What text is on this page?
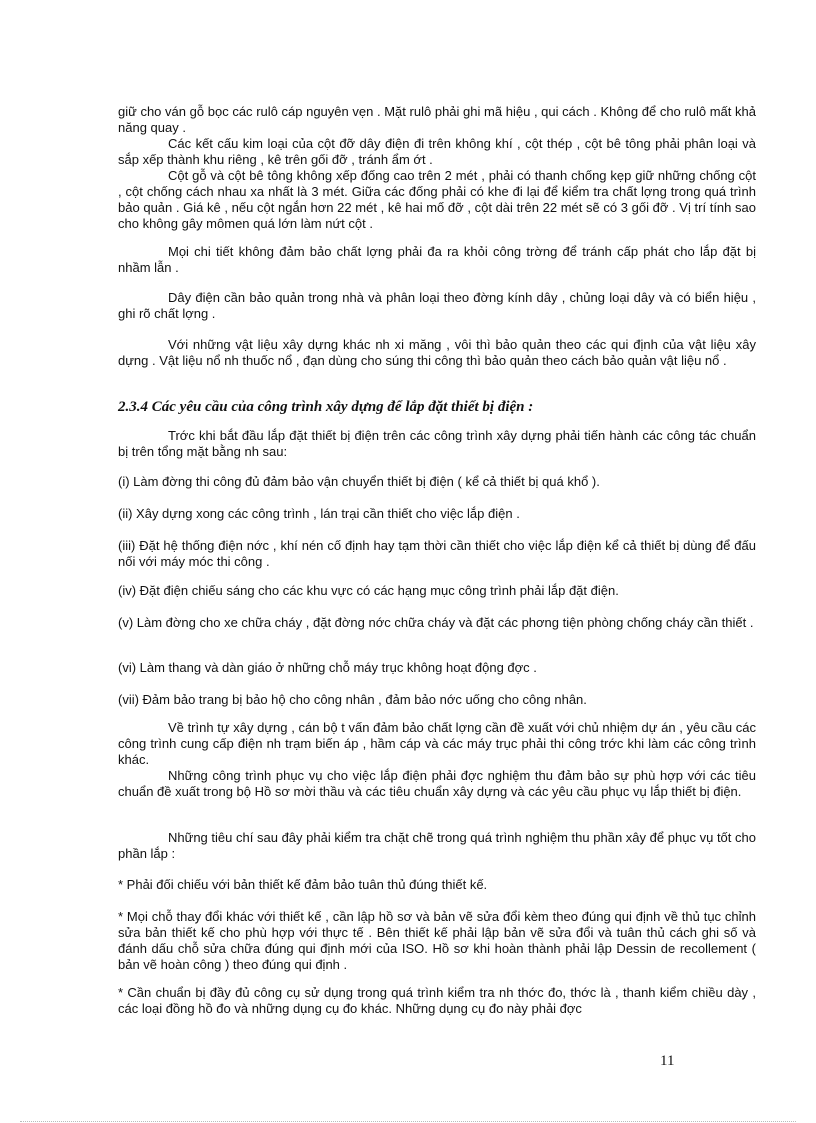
giữ cho ván gỗ bọc các rulô cáp nguyên vẹn . Mặt rulô phải ghi mã hiệu , qui cách . Không để cho rulô mất khả năng quay .

Các kết cấu kim loại của cột đỡ dây điện đi trên không khí , cột thép , cột bê tông phải phân loại và sắp xếp thành khu riêng , kê trên gối đỡ , tránh ẩm ớt .

Cột gỗ và cột bê tông không xếp đống cao trên 2 mét , phải có thanh chống kẹp giữ những chống cột , cột chống cách nhau xa nhất là 3 mét. Giữa các đống phải có khe đi lại để kiểm tra chất lợng trong quá trình bảo quản . Giá kê , nếu cột ngắn hơn 22 mét , kê hai mố đỡ , cột dài trên 22 mét sẽ có 3 gối đỡ . Vị trí tính sao cho không gây mômen quá lớn làm nứt cột .

Mọi chi tiết không đảm bảo chất lợng phải đa ra khỏi công trờng để tránh cấp phát cho lắp đặt bị nhầm lẫn .

Dây điện cần bảo quản trong nhà và phân loại theo đờng kính dây , chủng loại dây và có biển hiệu , ghi rõ chất lợng .

Với những vật liệu xây dựng khác nh xi măng , vôi thì bảo quản theo các qui định của vật liệu xây dựng . Vật liệu nổ nh thuốc nổ , đạn dùng cho súng thi công thì bảo quản theo cách bảo quản vật liệu nổ .

2.3.4 Các yêu cầu của công trình xây dựng để lắp đặt thiết bị điện :

Trớc khi bắt đầu lắp đặt thiết bị điện trên các công trình xây dựng phải tiến hành các công tác chuẩn bị trên tổng mặt bằng nh sau:

(i) Làm đờng thi công đủ đảm bảo vận chuyển thiết bị điện ( kể cả thiết bị quá khổ ).

(ii) Xây dựng xong các công trình , lán trại cần thiết cho việc lắp điện .

(iii) Đặt hệ thống điện nớc , khí nén cố định hay tạm thời cần thiết cho việc lắp điện kể cả thiết bị dùng để đấu nối với máy móc thi công .

(iv) Đặt điện chiếu sáng cho các khu vực có các hạng mục công trình phải lắp đặt điện.

(v) Làm đờng cho xe chữa cháy , đặt đờng nớc chữa cháy và đặt các phơng tiện phòng chống cháy cần thiết .

(vi) Làm thang và dàn giáo ở những chỗ máy trục không hoạt động đợc .

(vii) Đảm bảo trang bị bảo hộ cho công nhân , đảm bảo nớc uống cho công nhân.

Về trình tự xây dựng , cán bộ t vấn đảm bảo chất lợng cần đề xuất với chủ nhiệm dự án , yêu cầu các công trình cung cấp điện nh trạm biến áp , hầm cáp và các máy trục phải thi công trớc khi làm các công trình khác.

Những công trình phục vụ cho việc lắp điện phải đợc nghiệm thu đảm bảo sự phù hợp với các tiêu chuẩn đề xuất trong bộ Hồ sơ mời thầu và các tiêu chuẩn xây dựng và các yêu cầu phục vụ lắp thiết bị điện.

Những tiêu chí sau đây phải kiểm tra chặt chẽ trong quá trình nghiệm thu phần xây để phục vụ tốt cho phần lắp :

* Phải đối chiếu với bản thiết kế đảm bảo tuân thủ đúng thiết kế.

* Mọi chỗ thay đổi khác với thiết kế , cần lập hồ sơ và bản vẽ sửa đổi kèm theo đúng qui định về thủ tục chỉnh sửa bản thiết kế cho phù hợp với thực tế . Bên thiết kế phải lập bản vẽ sửa đổi và tuân thủ cách ghi số và đánh dấu chỗ sửa chữa đúng qui định mới của ISO. Hồ sơ khi hoàn thành phải lập Dessin de recollement ( bản vẽ hoàn công ) theo đúng qui định .

* Cần chuẩn bị đầy đủ công cụ sử dụng trong quá trình kiểm tra nh thớc đo, thớc là , thanh kiểm chiều dày , các loại đồng hồ đo và những dụng cụ đo khác. Những dụng cụ đo này phải đợc

11
